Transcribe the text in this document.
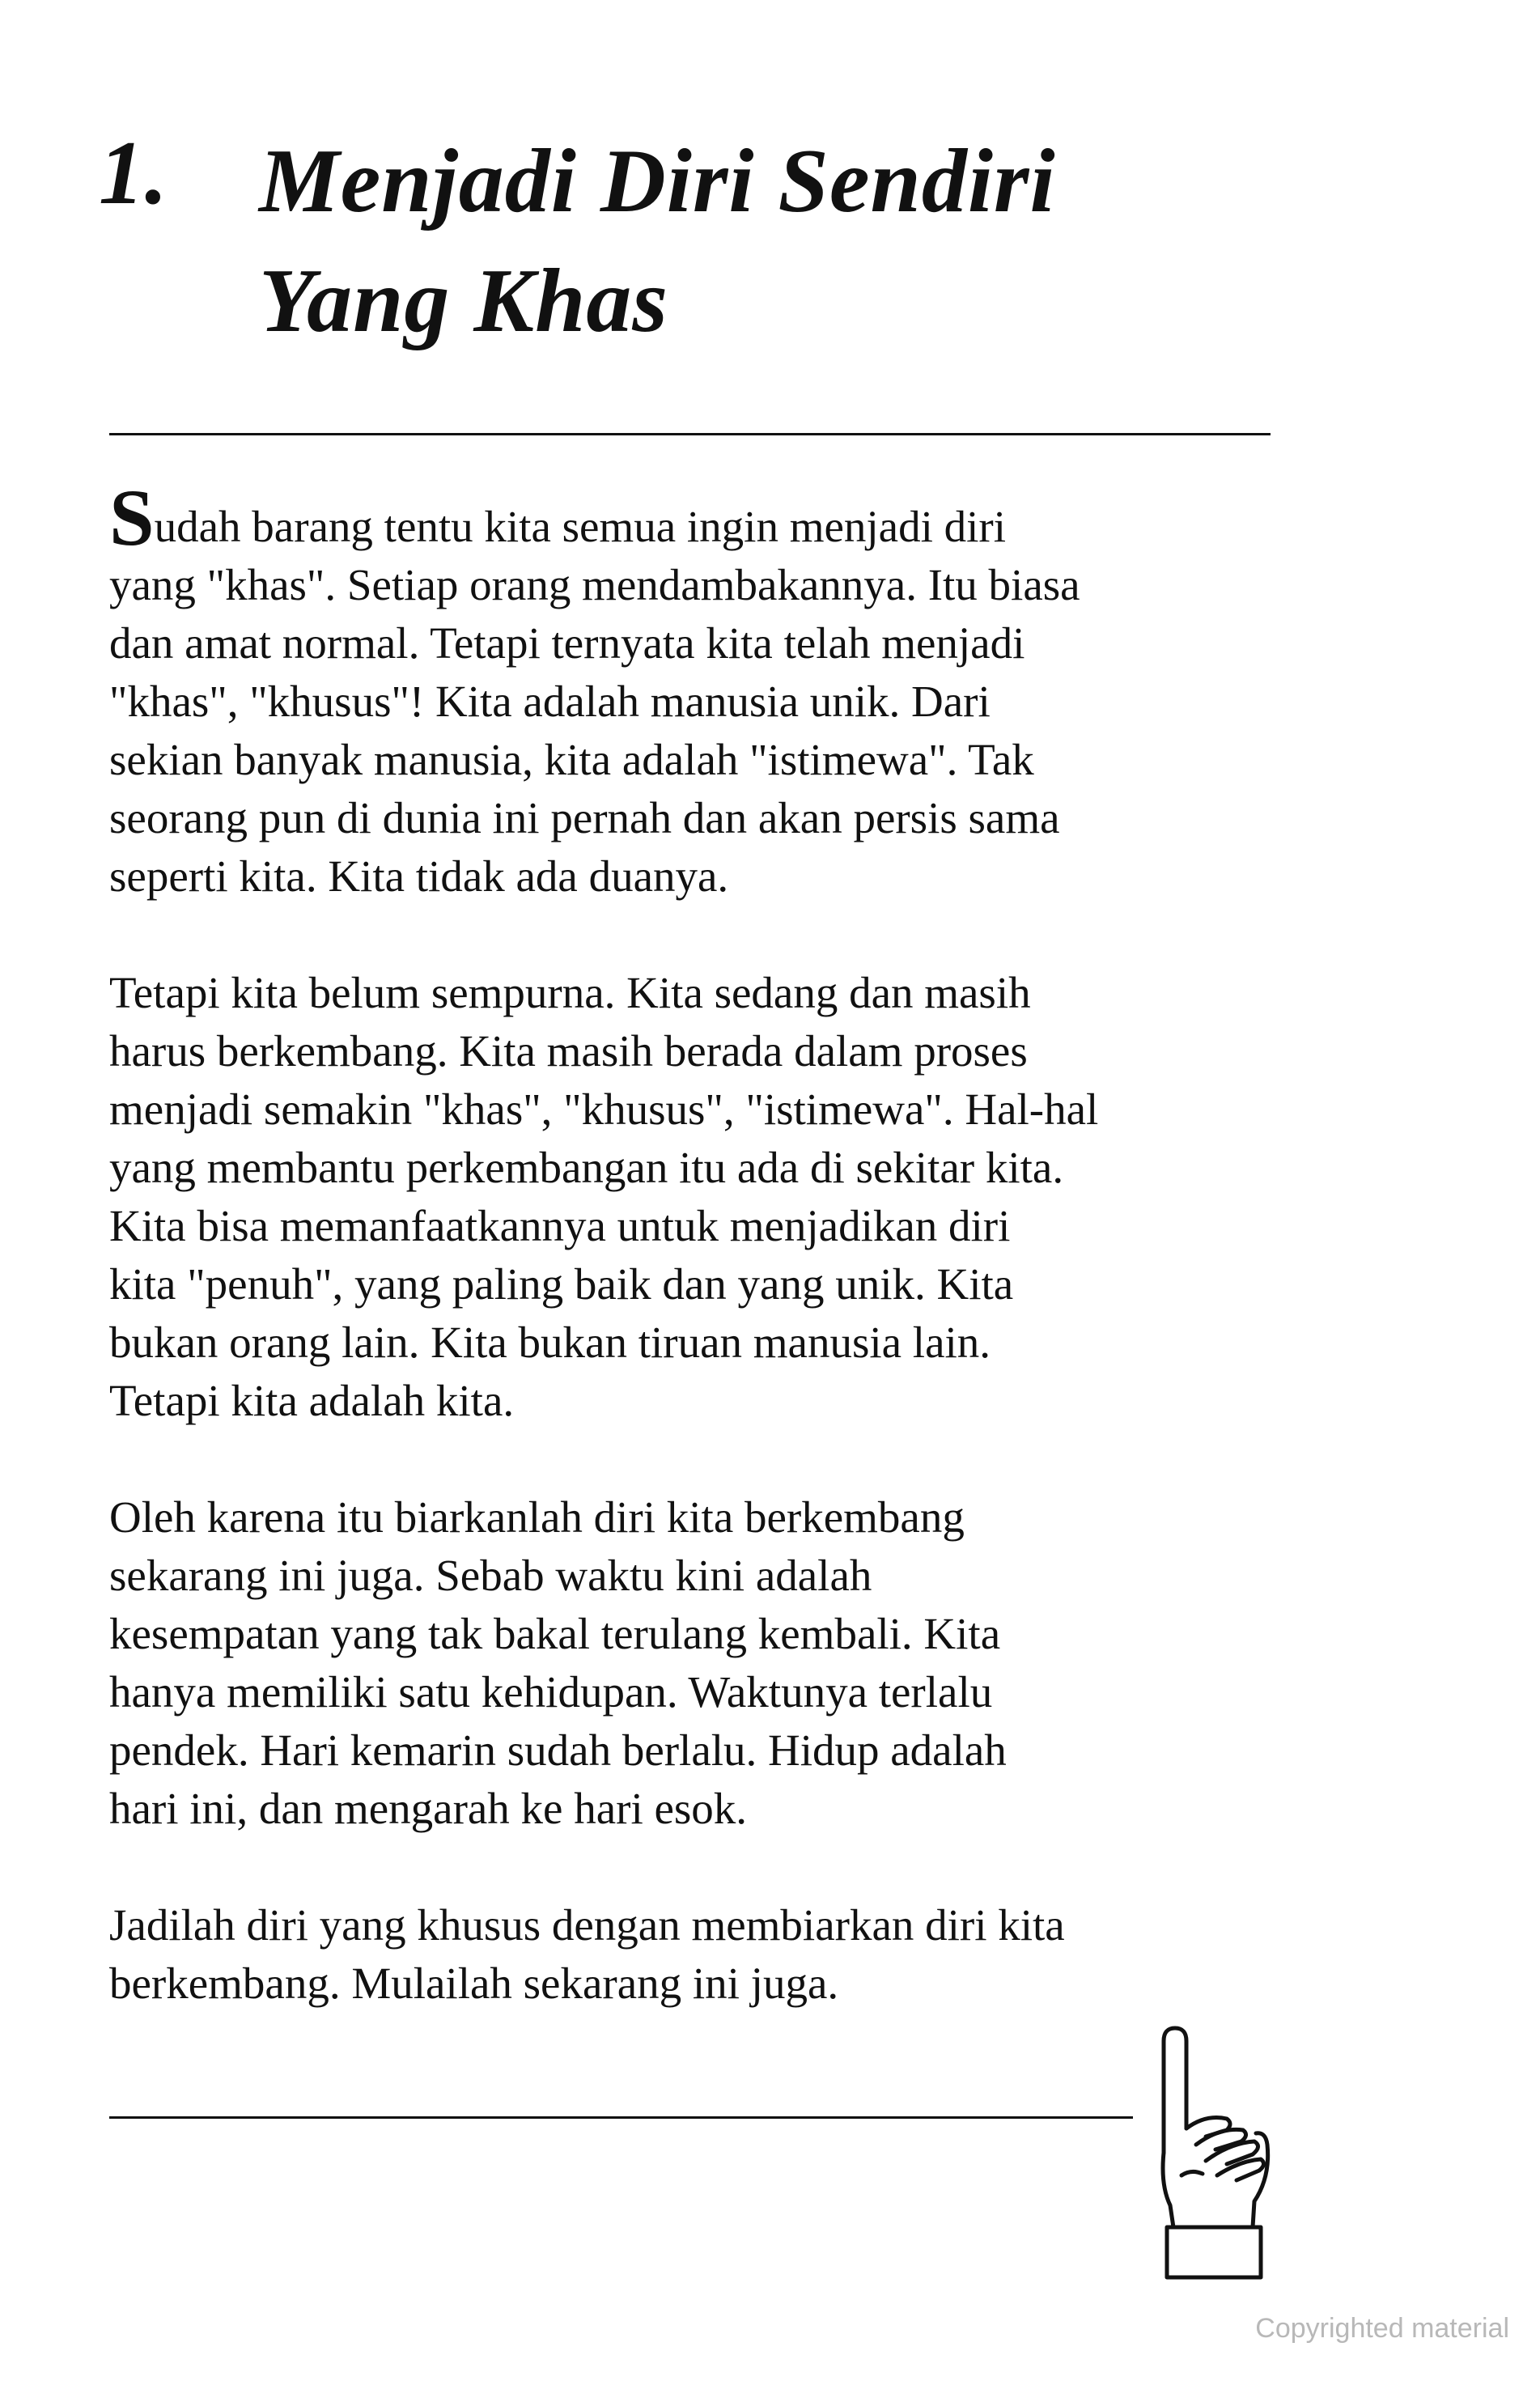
1. Menjadi Diri Sendiri
Yang Khas
Sudah barang tentu kita semua ingin menjadi diri
yang "khas". Setiap orang mendambakannya. Itu biasa
dan amat normal. Tetapi ternyata kita telah menjadi
"khas", "khusus"! Kita adalah manusia unik. Dari
sekian banyak manusia, kita adalah "istimewa". Tak
seorang pun di dunia ini pernah dan akan persis sama
seperti kita. Kita tidak ada duanya.
Tetapi kita belum sempurna. Kita sedang dan masih
harus berkembang. Kita masih berada dalam proses
menjadi semakin "khas", "khusus", "istimewa". Hal-hal
yang membantu perkembangan itu ada di sekitar kita.
Kita bisa memanfaatkannya untuk menjadikan diri
kita "penuh", yang paling baik dan yang unik. Kita
bukan orang lain. Kita bukan tiruan manusia lain.
Tetapi kita adalah kita.
Oleh karena itu biarkanlah diri kita berkembang
sekarang ini juga. Sebab waktu kini adalah
kesempatan yang tak bakal terulang kembali. Kita
hanya memiliki satu kehidupan. Waktunya terlalu
pendek. Hari kemarin sudah berlalu. Hidup adalah
hari ini, dan mengarah ke hari esok.
Jadilah diri yang khusus dengan membiarkan diri kita
berkembang. Mulailah sekarang ini juga.
Copyrighted material
